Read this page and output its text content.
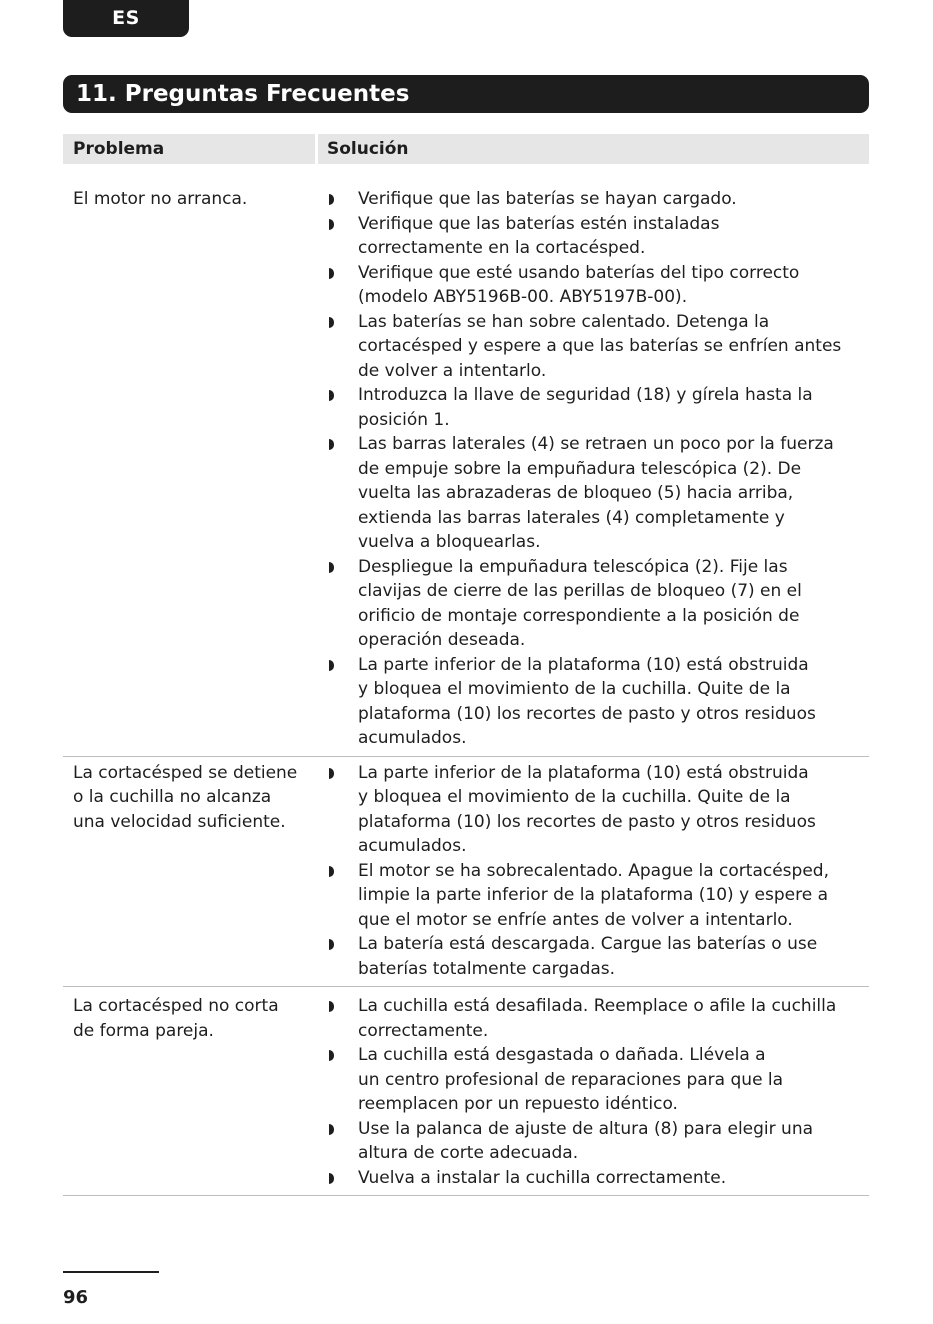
ES
11. Preguntas Frecuentes
Problema	Solución
El motor no arranca.	Verifique que las baterías se hayan cargado.
Verifique que las baterías estén instaladas
correctamente en la cortacésped.
Verifique que esté usando baterías del tipo correcto
(modelo ABY5196B-00. ABY5197B-00).
Las baterías se han sobre calentado. Detenga la
cortacésped y espere a que las baterías se enfríen antes
de volver a intentarlo.
Introduzca la llave de seguridad (18) y gírela hasta la
posición 1.
Las barras laterales (4) se retraen un poco por la fuerza
de empuje sobre la empuñadura telescópica (2). De
vuelta las abrazaderas de bloqueo (5) hacia arriba,
extienda las barras laterales (4) completamente y
vuelva a bloquearlas.
Despliegue la empuñadura telescópica (2). Fije las
clavijas de cierre de las perillas de bloqueo (7) en el
orificio de montaje correspondiente a la posición de
operación deseada.
La parte inferior de la plataforma (10) está obstruida
y bloquea el movimiento de la cuchilla. Quite de la
plataforma (10) los recortes de pasto y otros residuos
acumulados.
La cortacésped se detiene
o la cuchilla no alcanza
una velocidad suficiente.
La parte inferior de la plataforma (10) está obstruida
y bloquea el movimiento de la cuchilla. Quite de la
plataforma (10) los recortes de pasto y otros residuos
acumulados.
El motor se ha sobrecalentado. Apague la cortacésped,
limpie la parte inferior de la plataforma (10) y espere a
que el motor se enfríe antes de volver a intentarlo.
La batería está descargada. Cargue las baterías o use
baterías totalmente cargadas.
La cortacésped no corta
de forma pareja.
La cuchilla está desafilada. Reemplace o afile la cuchilla
correctamente.
La cuchilla está desgastada o dañada. Llévela a
un centro profesional de reparaciones para que la
reemplacen por un repuesto idéntico.
Use la palanca de ajuste de altura (8) para elegir una
altura de corte adecuada.
Vuelva a instalar la cuchilla correctamente.
96
